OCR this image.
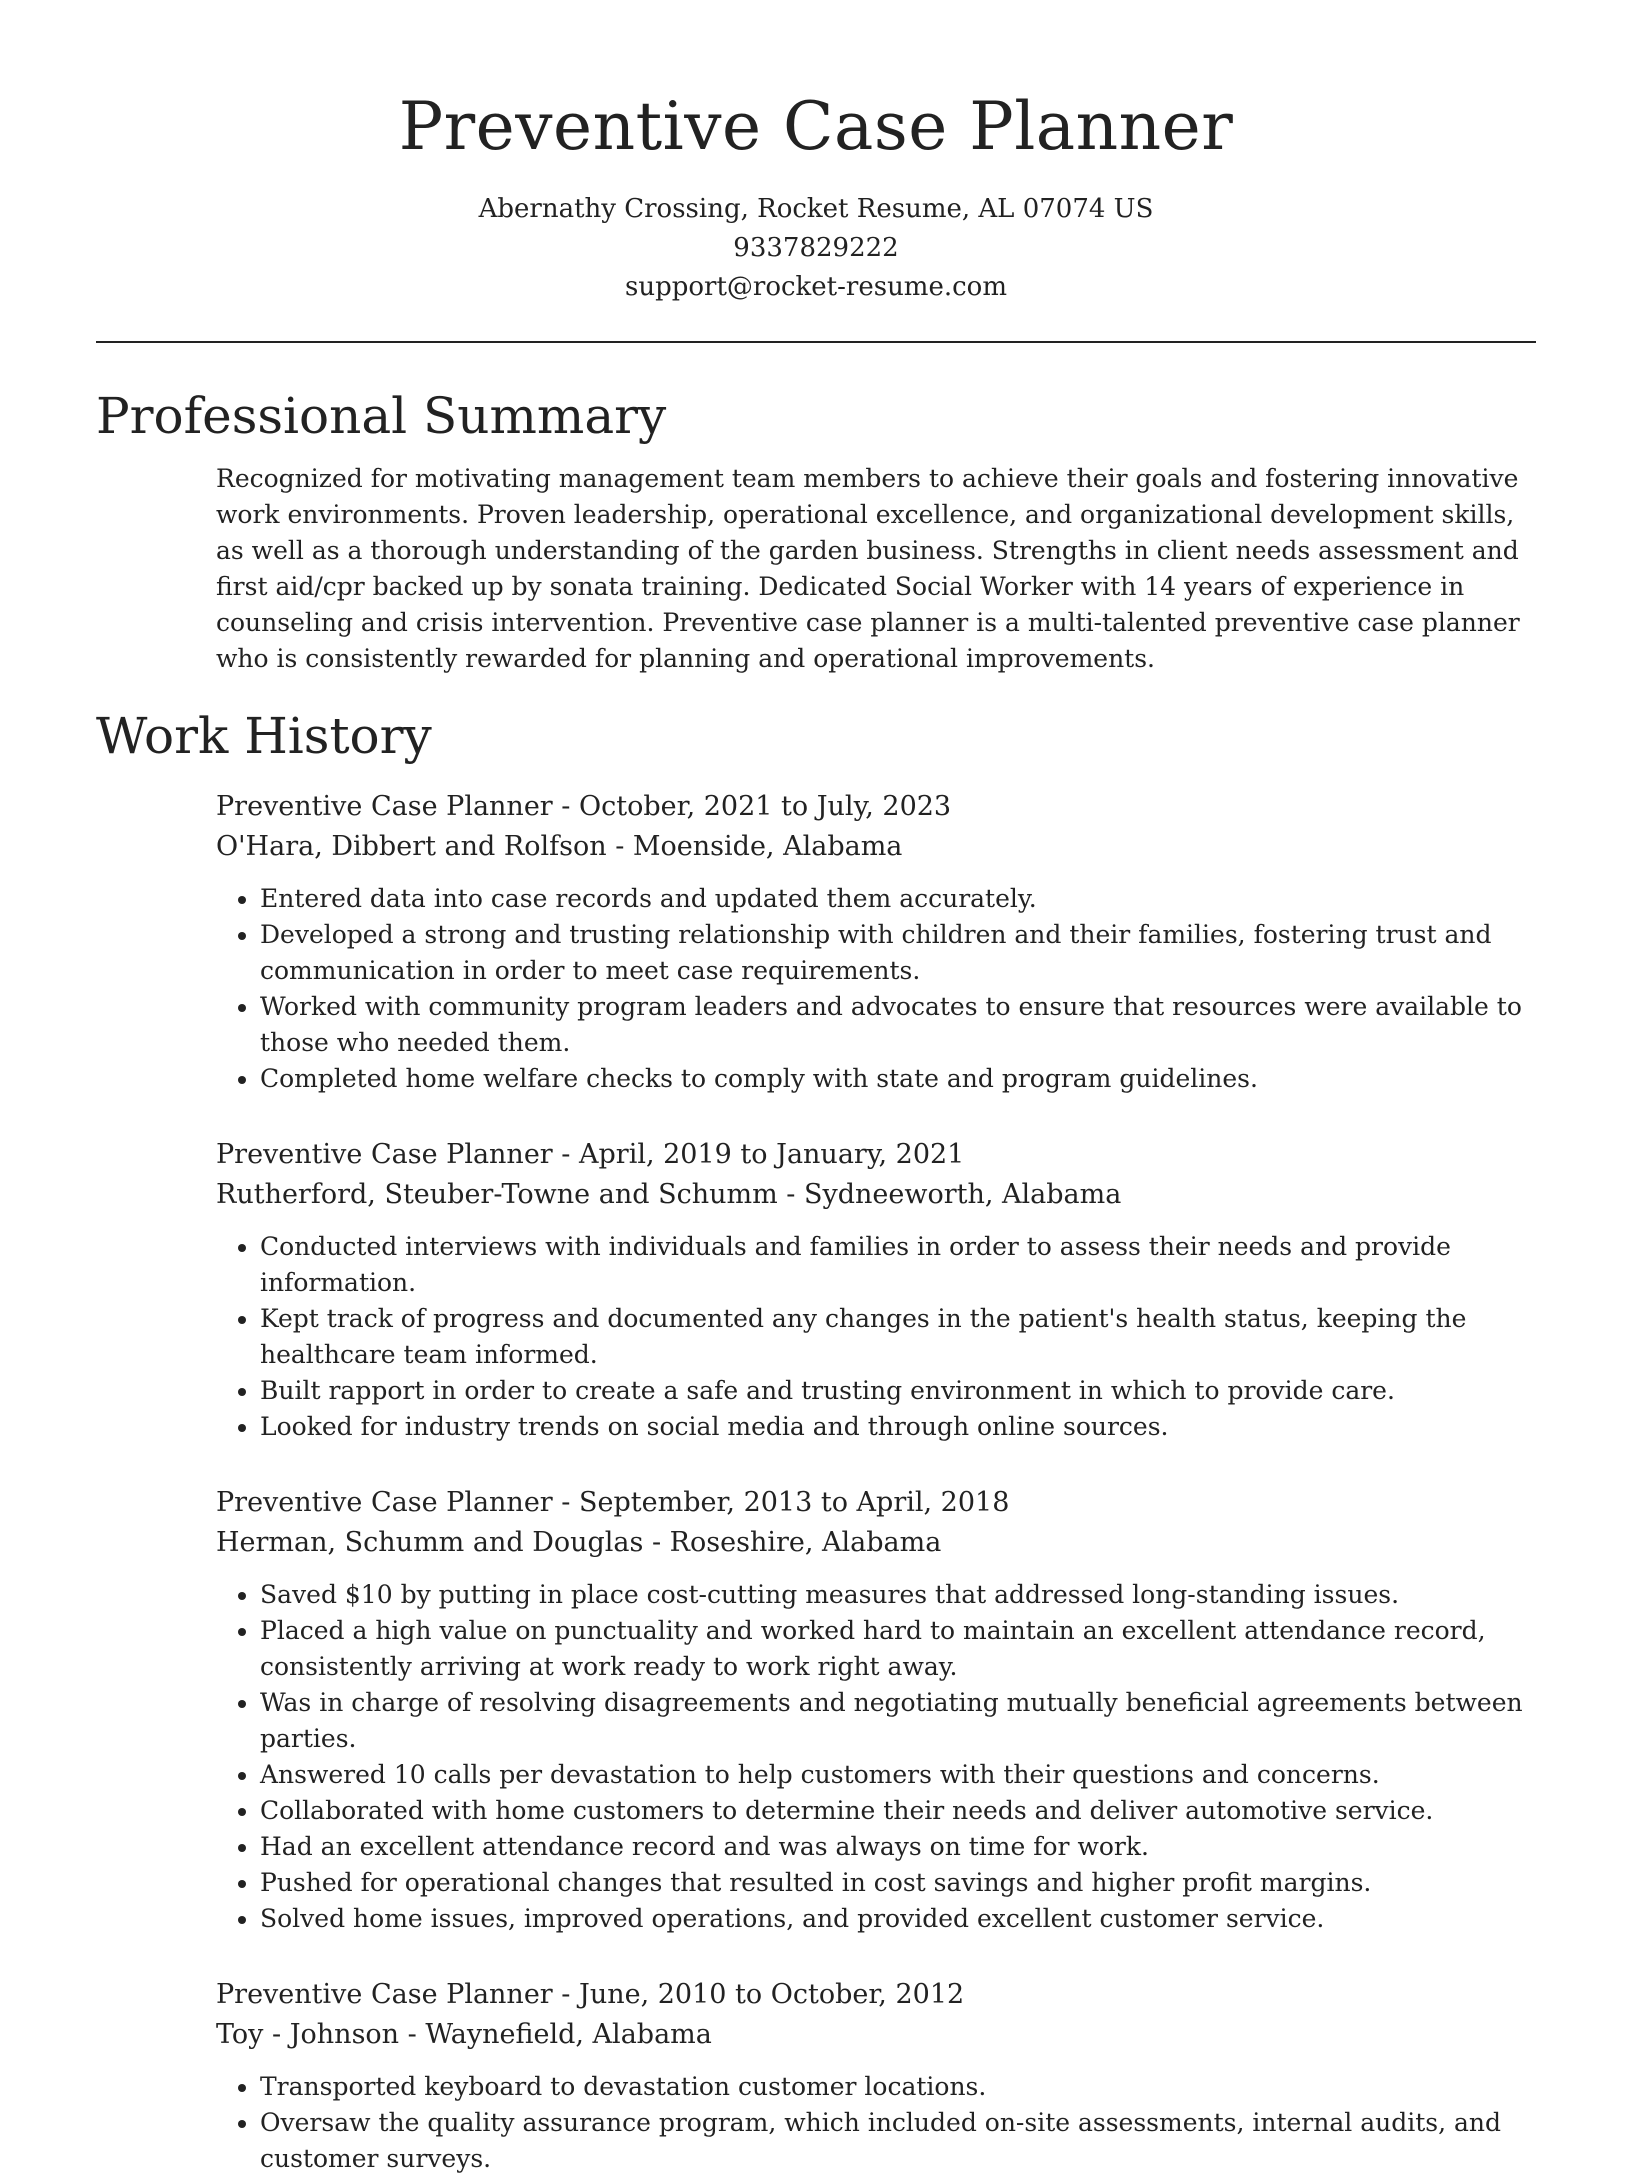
Preventive Case Planner

Abernathy Crossing, Rocket Resume, AL 07074 US

9337829222

support@rocket-resume.com

Professional Summary

Recognized for motivating management team members to achieve their goals and fostering innovative work environments. Proven leadership, operational excellence, and organizational development skills, as well as a thorough understanding of the garden business. Strengths in client needs assessment and first aid/cpr backed up by sonata training. Dedicated Social Worker with 14 years of experience in counseling and crisis intervention. Preventive case planner is a multi-talented preventive case planner who is consistently rewarded for planning and operational improvements.

Work History

Preventive Case Planner - October, 2021 to July, 2023

O'Hara, Dibbert and Rolfson - Moenside, Alabama

• Entered data into case records and updated them accurately.
• Developed a strong and trusting relationship with children and their families, fostering trust and communication in order to meet case requirements.
• Worked with community program leaders and advocates to ensure that resources were available to those who needed them.
• Completed home welfare checks to comply with state and program guidelines.

Preventive Case Planner - April, 2019 to January, 2021

Rutherford, Steuber-Towne and Schumm - Sydneeworth, Alabama

• Conducted interviews with individuals and families in order to assess their needs and provide information.
• Kept track of progress and documented any changes in the patient's health status, keeping the healthcare team informed.
• Built rapport in order to create a safe and trusting environment in which to provide care.
• Looked for industry trends on social media and through online sources.

Preventive Case Planner - September, 2013 to April, 2018

Herman, Schumm and Douglas - Roseshire, Alabama

• Saved $10 by putting in place cost-cutting measures that addressed long-standing issues.
• Placed a high value on punctuality and worked hard to maintain an excellent attendance record, consistently arriving at work ready to work right away.
• Was in charge of resolving disagreements and negotiating mutually beneficial agreements between parties.
• Answered 10 calls per devastation to help customers with their questions and concerns.
• Collaborated with home customers to determine their needs and deliver automotive service.
• Had an excellent attendance record and was always on time for work.
• Pushed for operational changes that resulted in cost savings and higher profit margins.
• Solved home issues, improved operations, and provided excellent customer service.

Preventive Case Planner - June, 2010 to October, 2012

Toy - Johnson - Waynefield, Alabama

• Transported keyboard to devastation customer locations.
• Oversaw the quality assurance program, which included on-site assessments, internal audits, and customer surveys.
